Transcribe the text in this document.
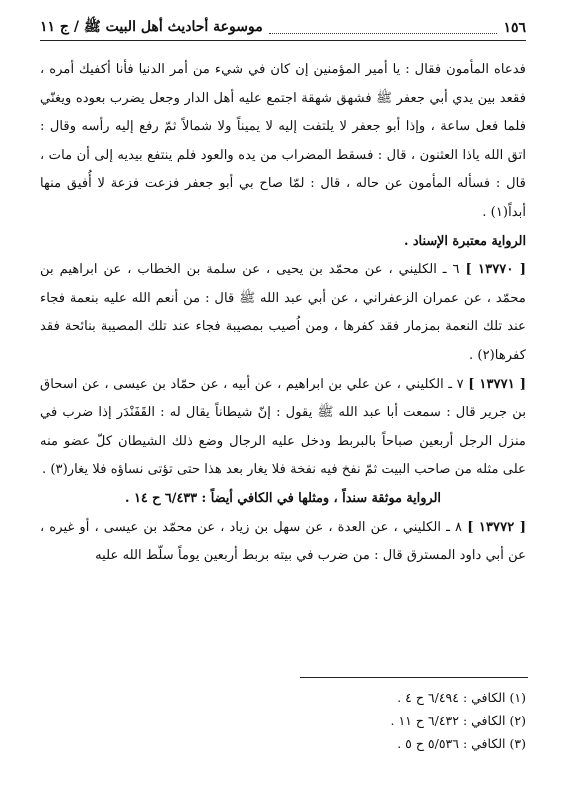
١٥٦
موسوعة أحاديث أهل البيت ﷺ / ج ١١

فدعاه المأمون فقال : يا أمير المؤمنين إن كان في شيء من أمر الدنيا فأنا أكفيك أمره ، فقعد بين يدي أبي جعفر ﷺ فشهق شهقة اجتمع عليه أهل الدار وجعل يضرب بعوده ويغنّي فلما فعل ساعة ، وإذا أبو جعفر لا يلتفت إليه لا يميناً ولا شمالاً ثمّ رفع إليه رأسه وقال : اتق الله ياذا العثنون ، قال : فسقط المضراب من يده والعود فلم ينتفع بيديه إلى أن مات ، قال : فسأله المأمون عن حاله ، قال : لمّا صاح بي أبو جعفر فزعت فزعة لا أُفيق منها أبداً(١) .

الرواية معتبرة الإسناد .

[ ١٣٧٧٠ ] ٦ ـ الكليني ، عن محمّد بن يحيى ، عن سلمة بن الخطاب ، عن ابراهيم بن محمّد ، عن عمران الزعفراني ، عن أبي عبد الله ﷺ قال : من أنعم الله عليه بنعمة فجاء عند تلك النعمة بمزمار فقد كفرها ، ومن اُصيب بمصيبة فجاء عند تلك المصيبة بنائحة فقد كفرها(٢) .

[ ١٣٧٧١ ] ٧ ـ الكليني ، عن علي بن ابراهيم ، عن أبيه ، عن حمّاد بن عيسى ، عن اسحاق بن جرير قال : سمعت أبا عبد الله ﷺ يقول : إنّ شيطاناً يقال له : القَفَنْدَر إذا ضرب في منزل الرجل أربعين صباحاً بالبربط ودخل عليه الرجال وضع ذلك الشيطان كلّ عضو منه على مثله من صاحب البيت ثمّ نفخ فيه نفخة فلا يغار بعد هذا حتى تؤتى نساؤه فلا يغار(٣) .

الرواية موثقة سنداً ، ومثلها في الكافي أيضاً : ٦/٤٣٣ ح ١٤ .

[ ١٣٧٧٢ ] ٨ ـ الكليني ، عن العدة ، عن سهل بن زياد ، عن محمّد بن عيسى ، أو غيره ، عن أبي داود المسترق قال : من ضرب في بيته بربط أربعين يوماً سلّط الله عليه

(١) الكافي : ٦/٤٩٤ ح ٤ .
(٢) الكافي : ٦/٤٣٢ ح ١١ .
(٣) الكافي : ٥/٥٣٦ ح ٥ .
